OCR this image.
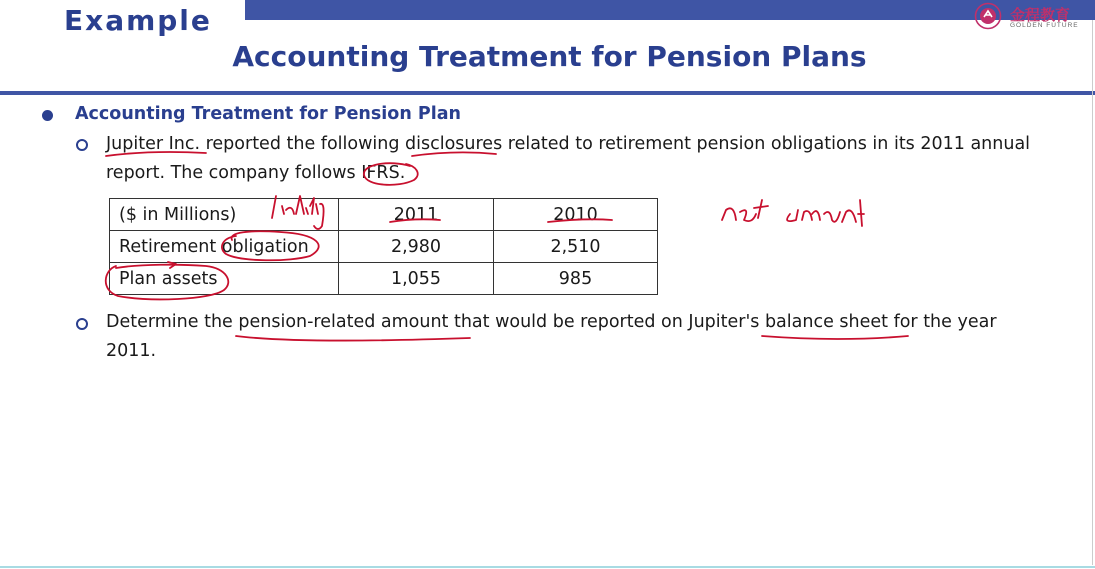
Example	金程教育
GOLDEN FUTURE
Accounting Treatment for Pension Plans
Accounting Treatment for Pension Plan
Jupiter Inc. reported the following disclosures related to retirement pension obligations in its 2011 annual
report. The company follows IFRS.
($ in Millions)	2011	2010
Retirement obligation	2,980	2,510
Plan assets	1,055	985
Determine the pension-related amount that would be reported on Jupiter's balance sheet for the year
2011.
